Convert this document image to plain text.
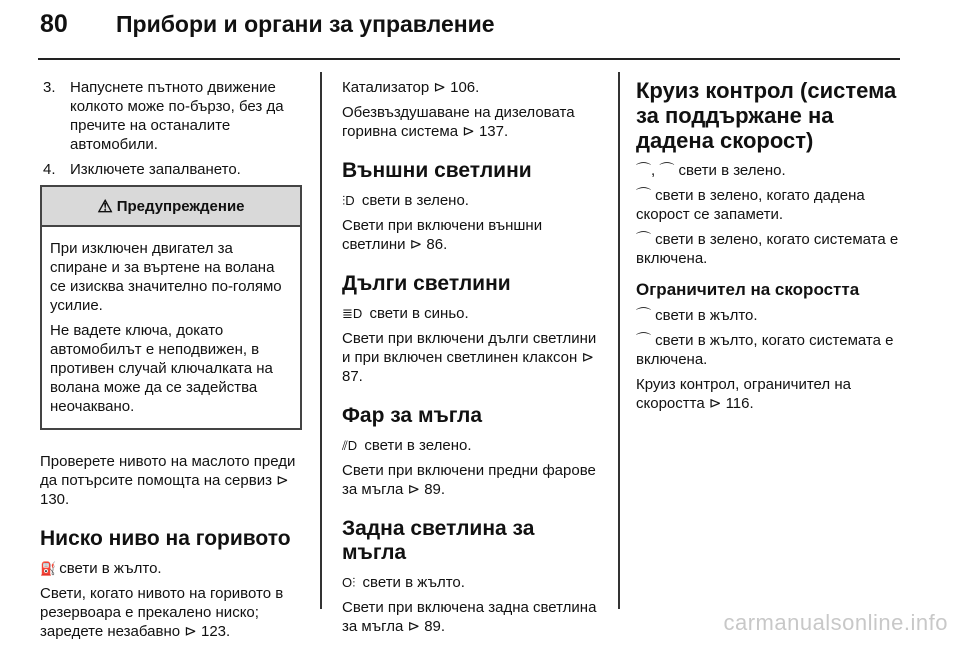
80	Прибори и органи за управление
3. Напуснете пътното движение колкото може по-бързо, без да пречите на останалите автомобили.
4. Изключете запалването.
⚠ Предупреждение

При изключен двигател за спиране и за въртене на волана се изисква значително по-голямо усилие.

Не вадете ключа, докато автомобилът е неподвижен, в противен случай ключалката на волана може да се задейства неочаквано.

Проверете нивото на маслото преди да потърсите помощта на сервиз ⊳ 130.

Ниско ниво на горивото

⛽ свети в жълто.

Свети, когато нивото на горивото в резервоара е прекалено ниско; заредете незабавно ⊳ 123.

Катализатор ⊳ 106.

Обезвъздушаване на дизеловата горивна система ⊳ 137.

Външни светлини

⫶D свети в зелено.

Свети при включени външни светлини ⊳ 86.

Дълги светлини

≣D свети в синьо.

Свети при включени дълги светлини и при включен светлинен клаксон ⊳ 87.

Фар за мъгла

⫽D свети в зелено.

Свети при включени предни фарове за мъгла ⊳ 89.

Задна светлина за мъгла

O⫶ свети в жълто.

Свети при включена задна светлина за мъгла ⊳ 89.

Круиз контрол (система за поддържане на дадена скорост)

⌒, ⌒ свети в зелено.

⌒ свети в зелено, когато дадена скорост се запамети.

⌒ свети в зелено, когато системата е включена.

Ограничител на скоростта

⌒ свети в жълто.

⌒ свети в жълто, когато системата е включена.

Круиз контрол, ограничител на скоростта ⊳ 116.

carmanualsonline.info
